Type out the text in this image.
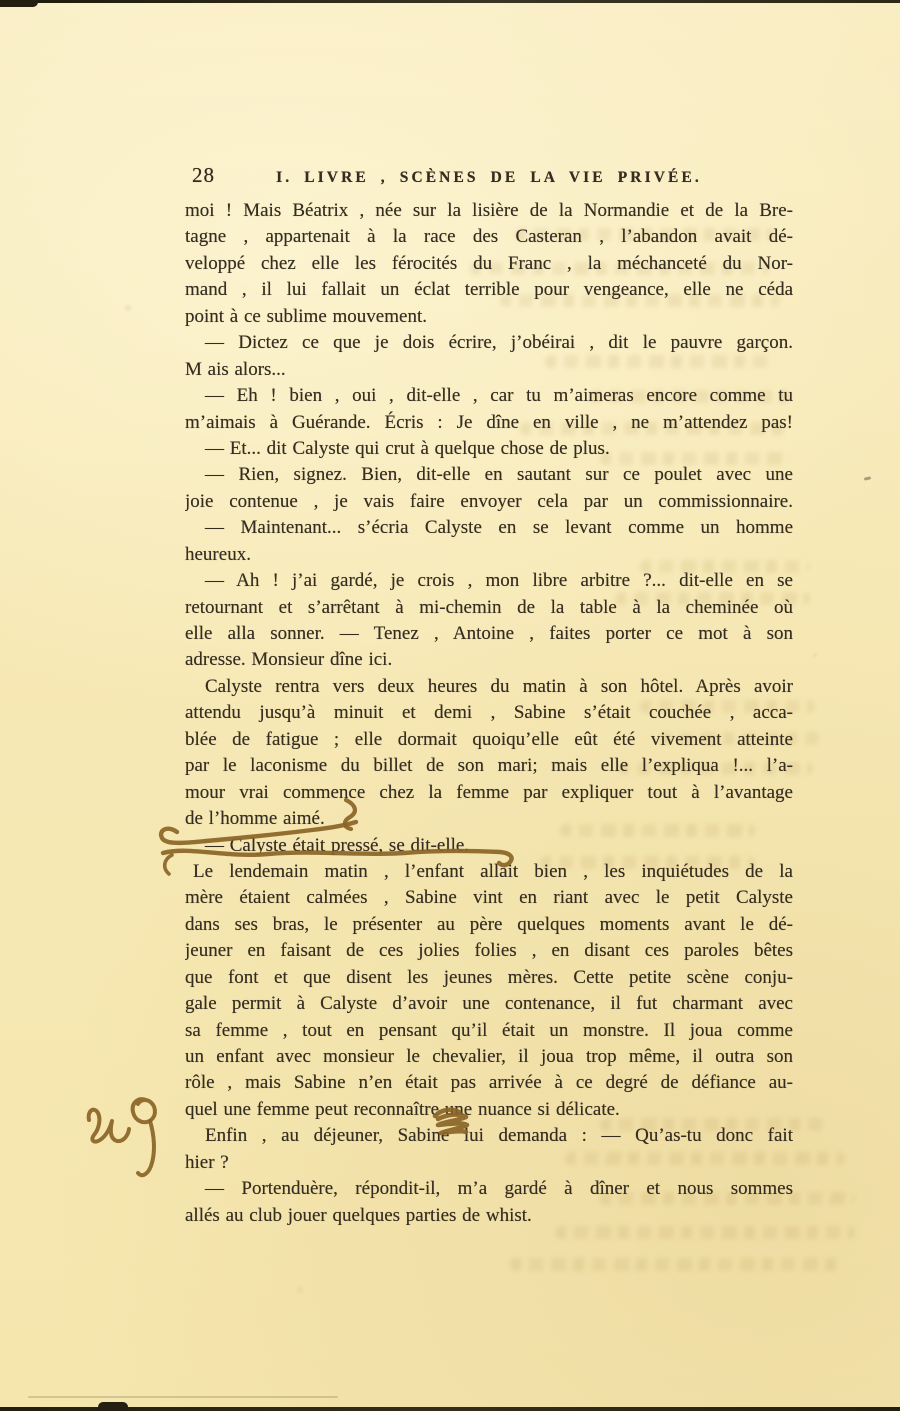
28	I. LIVRE , SCÈNES DE LA VIE PRIVÉE.
moi ! Mais Béatrix , née sur la lisière de la Normandie et de la Bre-
tagne , appartenait à la race des Casteran , l’abandon avait dé-
veloppé chez elle les férocités du Franc , la méchanceté du Nor-
mand , il lui fallait un éclat terrible pour vengeance, elle ne céda
point à ce sublime mouvement.
— Dictez ce que je dois écrire, j’obéirai , dit le pauvre garçon.
M ais alors...
— Eh ! bien , oui , dit-elle , car tu m’aimeras encore comme tu
m’aimais à Guérande. Écris : Je dîne en ville , ne m’attendez pas!
— Et... dit Calyste qui crut à quelque chose de plus.
— Rien, signez. Bien, dit-elle en sautant sur ce poulet avec une
joie contenue , je vais faire envoyer cela par un commissionnaire.
— Maintenant... s’écria Calyste en se levant comme un homme
heureux.
— Ah ! j’ai gardé, je crois , mon libre arbitre ?... dit-elle en se
retournant et s’arrêtant à mi-chemin de la table à la cheminée où
elle alla sonner. — Tenez , Antoine , faites porter ce mot à son
adresse. Monsieur dîne ici.
Calyste rentra vers deux heures du matin à son hôtel. Après avoir
attendu jusqu’à minuit et demi , Sabine s’était couchée , acca-
blée de fatigue ; elle dormait quoiqu’elle eût été vivement atteinte
par le laconisme du billet de son mari; mais elle l’expliqua !... l’a-
mour vrai commence chez la femme par expliquer tout à l’avantage
de l’homme aimé.
— Calyste était pressé, se dit-elle.
Le lendemain matin , l’enfant allait bien , les inquiétudes de la
mère étaient calmées , Sabine vint en riant avec le petit Calyste
dans ses bras, le présenter au père quelques moments avant le dé-
jeuner en faisant de ces jolies folies , en disant ces paroles bêtes
que font et que disent les jeunes mères. Cette petite scène conju-
gale permit à Calyste d’avoir une contenance, il fut charmant avec
sa femme , tout en pensant qu’il était un monstre. Il joua comme
un enfant avec monsieur le chevalier, il joua trop même, il outra son
rôle , mais Sabine n’en était pas arrivée à ce degré de défiance au-
quel une femme peut reconnaître une nuance si délicate.
Enfin , au déjeuner, Sabine lui demanda : — Qu’as-tu donc fait
hier ?
— Portenduère, répondit-il, m’a gardé à dîner et nous sommes
allés au club jouer quelques parties de whist.
